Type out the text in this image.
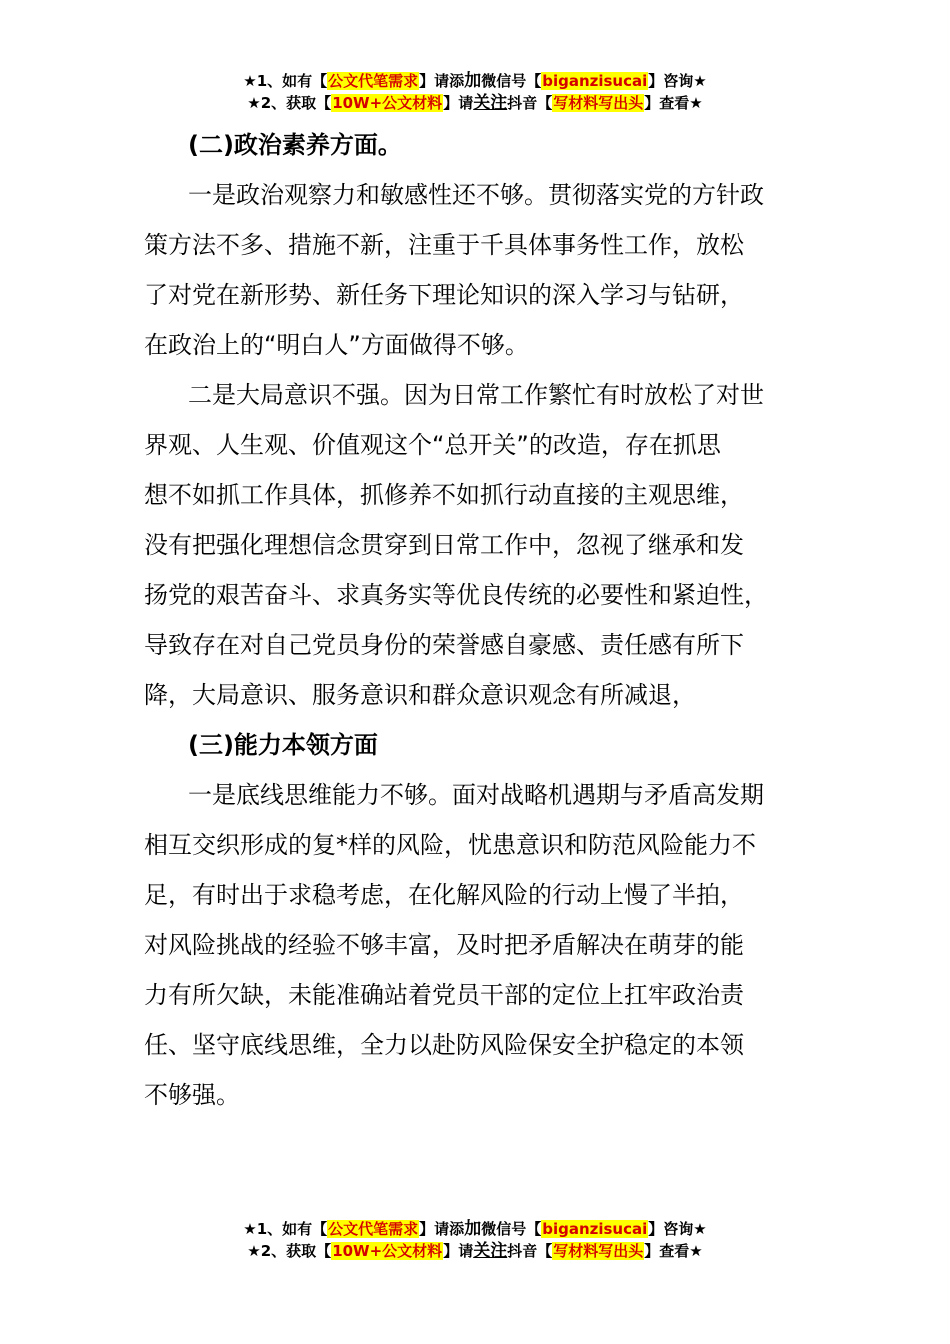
★1、如有【公文代笔需求】请添加微信号【biganzisucai】咨询★
★2、获取【10W+公文材料】请关注抖音【写材料写出头】查看★

(二)政治素养方面。

一是政治观察力和敏感性还不够。贯彻落实党的方针政
策方法不多、措施不新，注重于千具体事务性工作，放松
了对党在新形势、新任务下理论知识的深入学习与钻研，
在政治上的“明白人”方面做得不够。
二是大局意识不强。因为日常工作繁忙有时放松了对世
界观、人生观、价值观这个“总开关”的改造，存在抓思
想不如抓工作具体，抓修养不如抓行动直接的主观思维，
没有把强化理想信念贯穿到日常工作中，忽视了继承和发
扬党的艰苦奋斗、求真务实等优良传统的必要性和紧迫性，
导致存在对自己党员身份的荣誉感自豪感、责任感有所下
降，大局意识、服务意识和群众意识观念有所减退，

(三)能力本领方面

一是底线思维能力不够。面对战略机遇期与矛盾高发期
相互交织形成的复*样的风险，忧患意识和防范风险能力不
足，有时出于求稳考虑，在化解风险的行动上慢了半拍，
对风险挑战的经验不够丰富，及时把矛盾解决在萌芽的能
力有所欠缺，未能准确站着党员干部的定位上扛牢政治责
任、坚守底线思维，全力以赴防风险保安全护稳定的本领
不够强。
★1、如有【公文代笔需求】请添加微信号【biganzisucai】咨询★
★2、获取【10W+公文材料】请关注抖音【写材料写出头】查看★
